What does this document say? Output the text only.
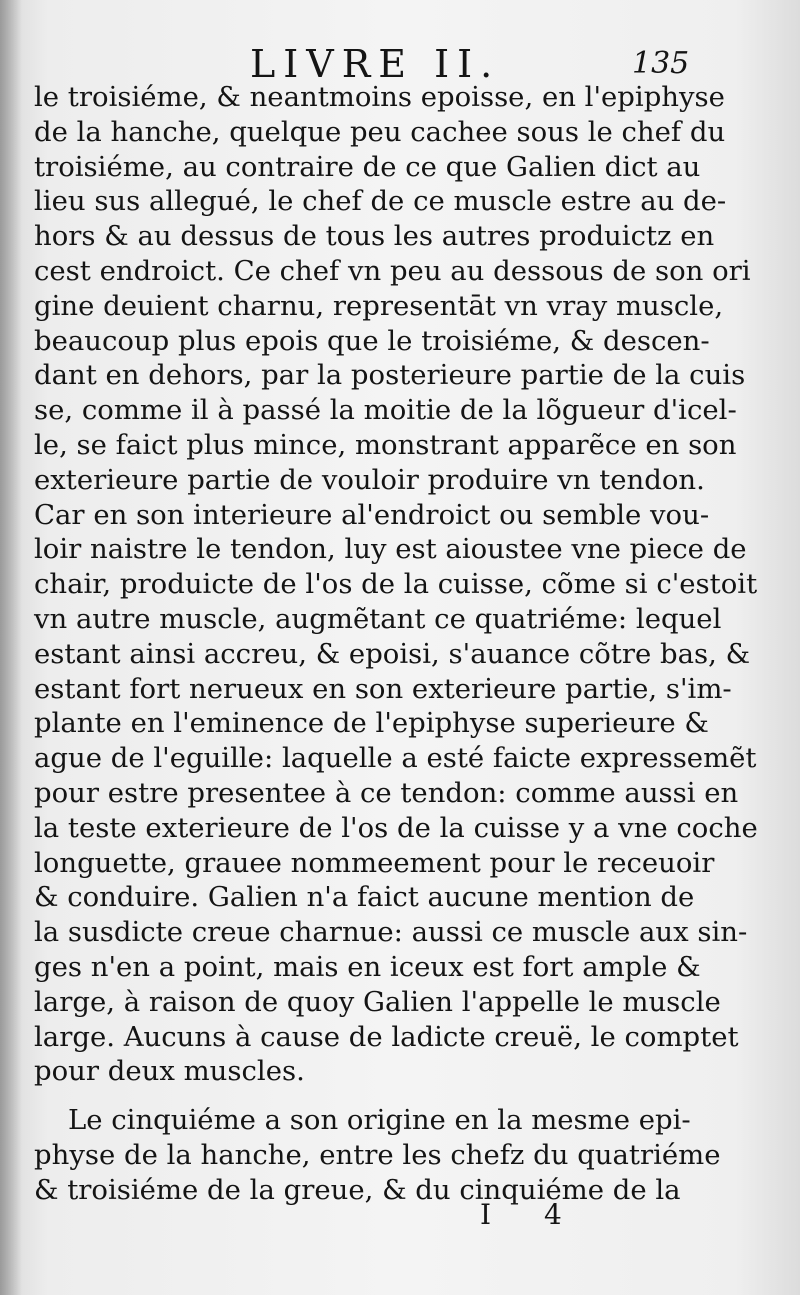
LIVRE II.	135
le troisiéme, & neantmoins epoisse, en l'epiphyse
de la hanche, quelque peu cachee sous le chef du
troisiéme, au contraire de ce que Galien dict au
lieu sus allegué, le chef de ce muscle estre au de-
hors & au dessus de tous les autres produictz en
cest endroict. Ce chef vn peu au dessous de son ori
gine deuient charnu, representāt vn vray muscle,
beaucoup plus epois que le troisiéme, & descen-
dant en dehors, par la posterieure partie de la cuis
se, comme il à passé la moitie de la lõgueur d'icel-
le, se faict plus mince, monstrant apparẽce en son
exterieure partie de vouloir produire vn tendon.
Car en son interieure al'endroict ou semble vou-
loir naistre le tendon, luy est aioustee vne piece de
chair, produicte de l'os de la cuisse, cõme si c'estoit
vn autre muscle, augmẽtant ce quatriéme: lequel
estant ainsi accreu, & epoisi, s'auance cõtre bas, &
estant fort nerueux en son exterieure partie, s'im-
plante en l'eminence de l'epiphyse superieure &
ague de l'eguille: laquelle a esté faicte expressemẽt
pour estre presentee à ce tendon: comme aussi en
la teste exterieure de l'os de la cuisse y a vne coche
longuette, grauee nommeement pour le receuoir
& conduire. Galien n'a faict aucune mention de
la susdicte creue charnue: aussi ce muscle aux sin-
ges n'en a point, mais en iceux est fort ample &
large, à raison de quoy Galien l'appelle le muscle
large. Aucuns à cause de ladicte creuë, le comptet
pour deux muscles.
Le cinquiéme a son origine en la mesme epi-
physe de la hanche, entre les chefz du quatriéme
& troisiéme de la greue, & du cinquiéme de la
I 4
